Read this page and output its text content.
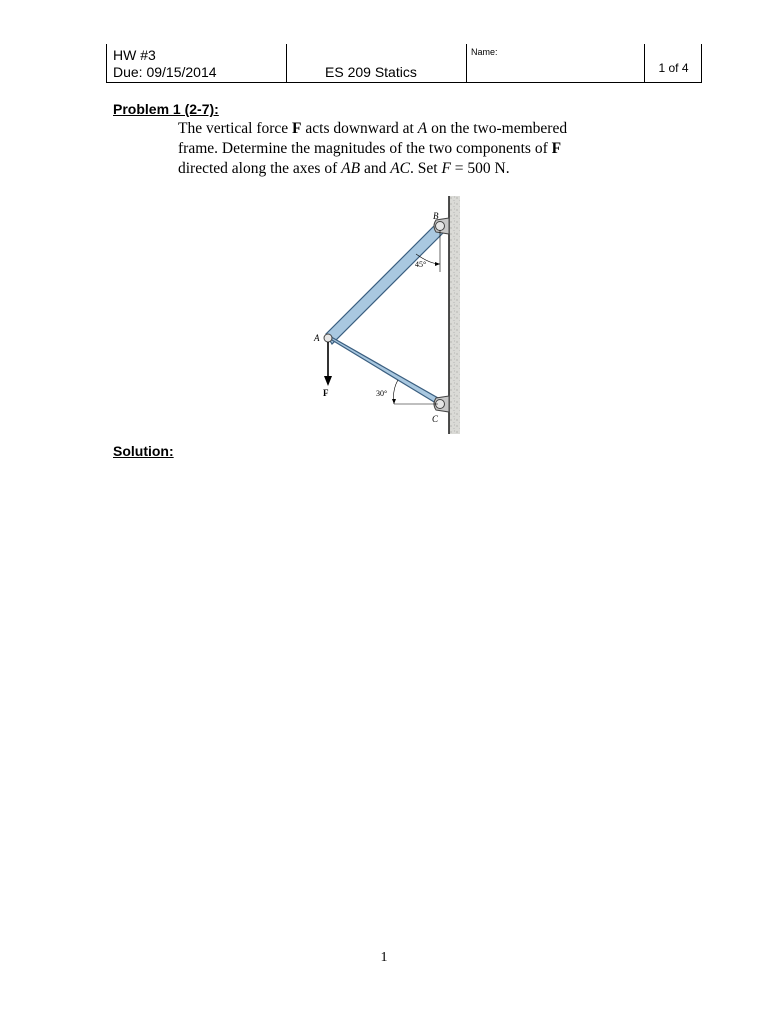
HW #3
Due: 09/15/2014	ES 209 Statics
Name:
1 of 4
Problem 1 (2-7):
The vertical force F acts downward at A on the two-membered frame. Determine the magnitudes of the two components of F directed along the axes of AB and AC. Set F = 500 N.
B
A
C
F
45°
30°
Solution:
1
